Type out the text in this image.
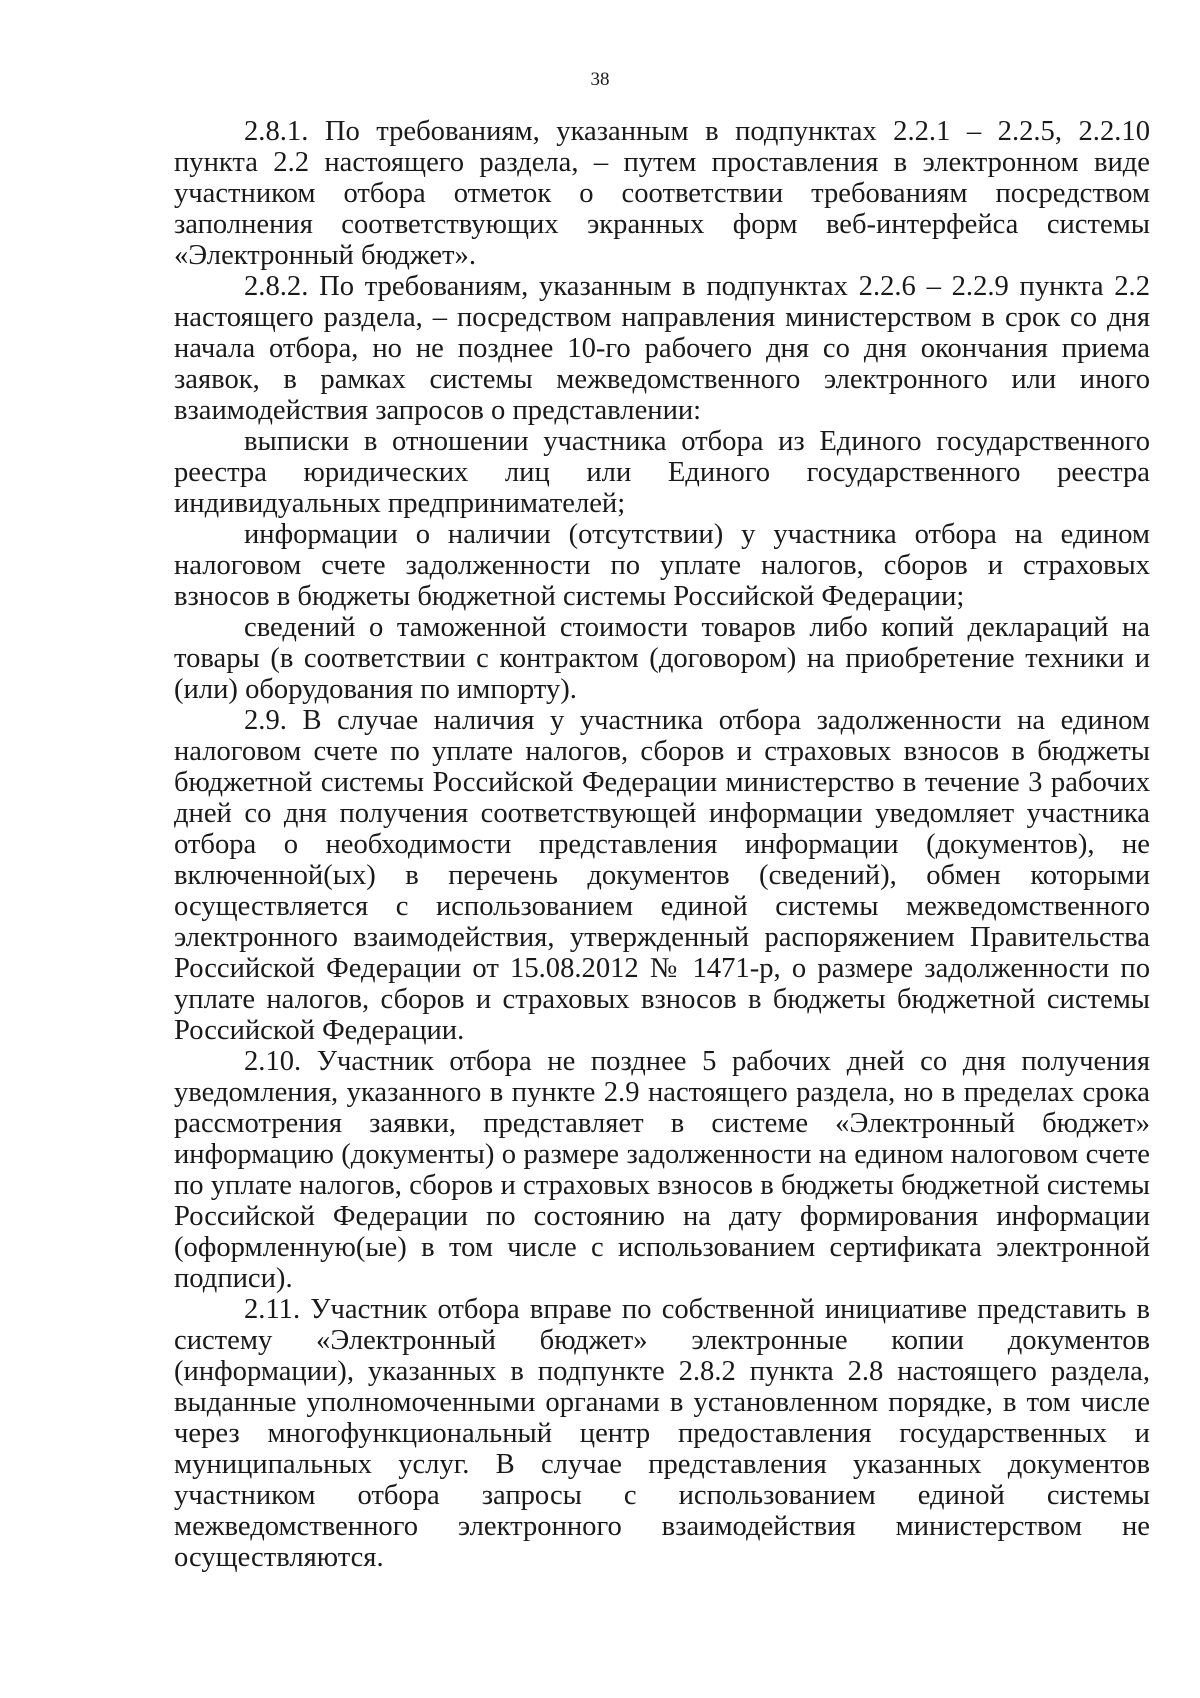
38

2.8.1. По требованиям, указанным в подпунктах 2.2.1 – 2.2.5, 2.2.10 пункта 2.2 настоящего раздела, – путем проставления в электронном виде участником отбора отметок о соответствии требованиям посредством заполнения соответствующих экранных форм веб-интерфейса системы «Электронный бюджет».

2.8.2. По требованиям, указанным в подпунктах 2.2.6 – 2.2.9 пункта 2.2 настоящего раздела, – посредством направления министерством в срок со дня начала отбора, но не позднее 10-го рабочего дня со дня окончания приема заявок, в рамках системы межведомственного электронного или иного взаимодействия запросов о представлении:

выписки в отношении участника отбора из Единого государственного реестра юридических лиц или Единого государственного реестра индивидуальных предпринимателей;

информации о наличии (отсутствии) у участника отбора на едином налоговом счете задолженности по уплате налогов, сборов и страховых взносов в бюджеты бюджетной системы Российской Федерации;

сведений о таможенной стоимости товаров либо копий деклараций на товары (в соответствии с контрактом (договором) на приобретение техники и (или) оборудования по импорту).

2.9. В случае наличия у участника отбора задолженности на едином налоговом счете по уплате налогов, сборов и страховых взносов в бюджеты бюджетной системы Российской Федерации министерство в течение 3 рабочих дней со дня получения соответствующей информации уведомляет участника отбора о необходимости представления информации (документов), не включенной(ых) в перечень документов (сведений), обмен которыми осуществляется с использованием единой системы межведомственного электронного взаимодействия, утвержденный распоряжением Правительства Российской Федерации от 15.08.2012 № 1471-р, о размере задолженности по уплате налогов, сборов и страховых взносов в бюджеты бюджетной системы Российской Федерации.

2.10. Участник отбора не позднее 5 рабочих дней со дня получения уведомления, указанного в пункте 2.9 настоящего раздела, но в пределах срока рассмотрения заявки, представляет в системе «Электронный бюджет» информацию (документы) о размере задолженности на едином налоговом счете по уплате налогов, сборов и страховых взносов в бюджеты бюджетной системы Российской Федерации по состоянию на дату формирования информации (оформленную(ые) в том числе с использованием сертификата электронной подписи).

2.11. Участник отбора вправе по собственной инициативе представить в систему «Электронный бюджет» электронные копии документов (информации), указанных в подпункте 2.8.2 пункта 2.8 настоящего раздела, выданные уполномоченными органами в установленном порядке, в том числе через многофункциональный центр предоставления государственных и муниципальных услуг. В случае представления указанных документов участником отбора запросы с использованием единой системы межведомственного электронного взаимодействия министерством не осуществляются.
